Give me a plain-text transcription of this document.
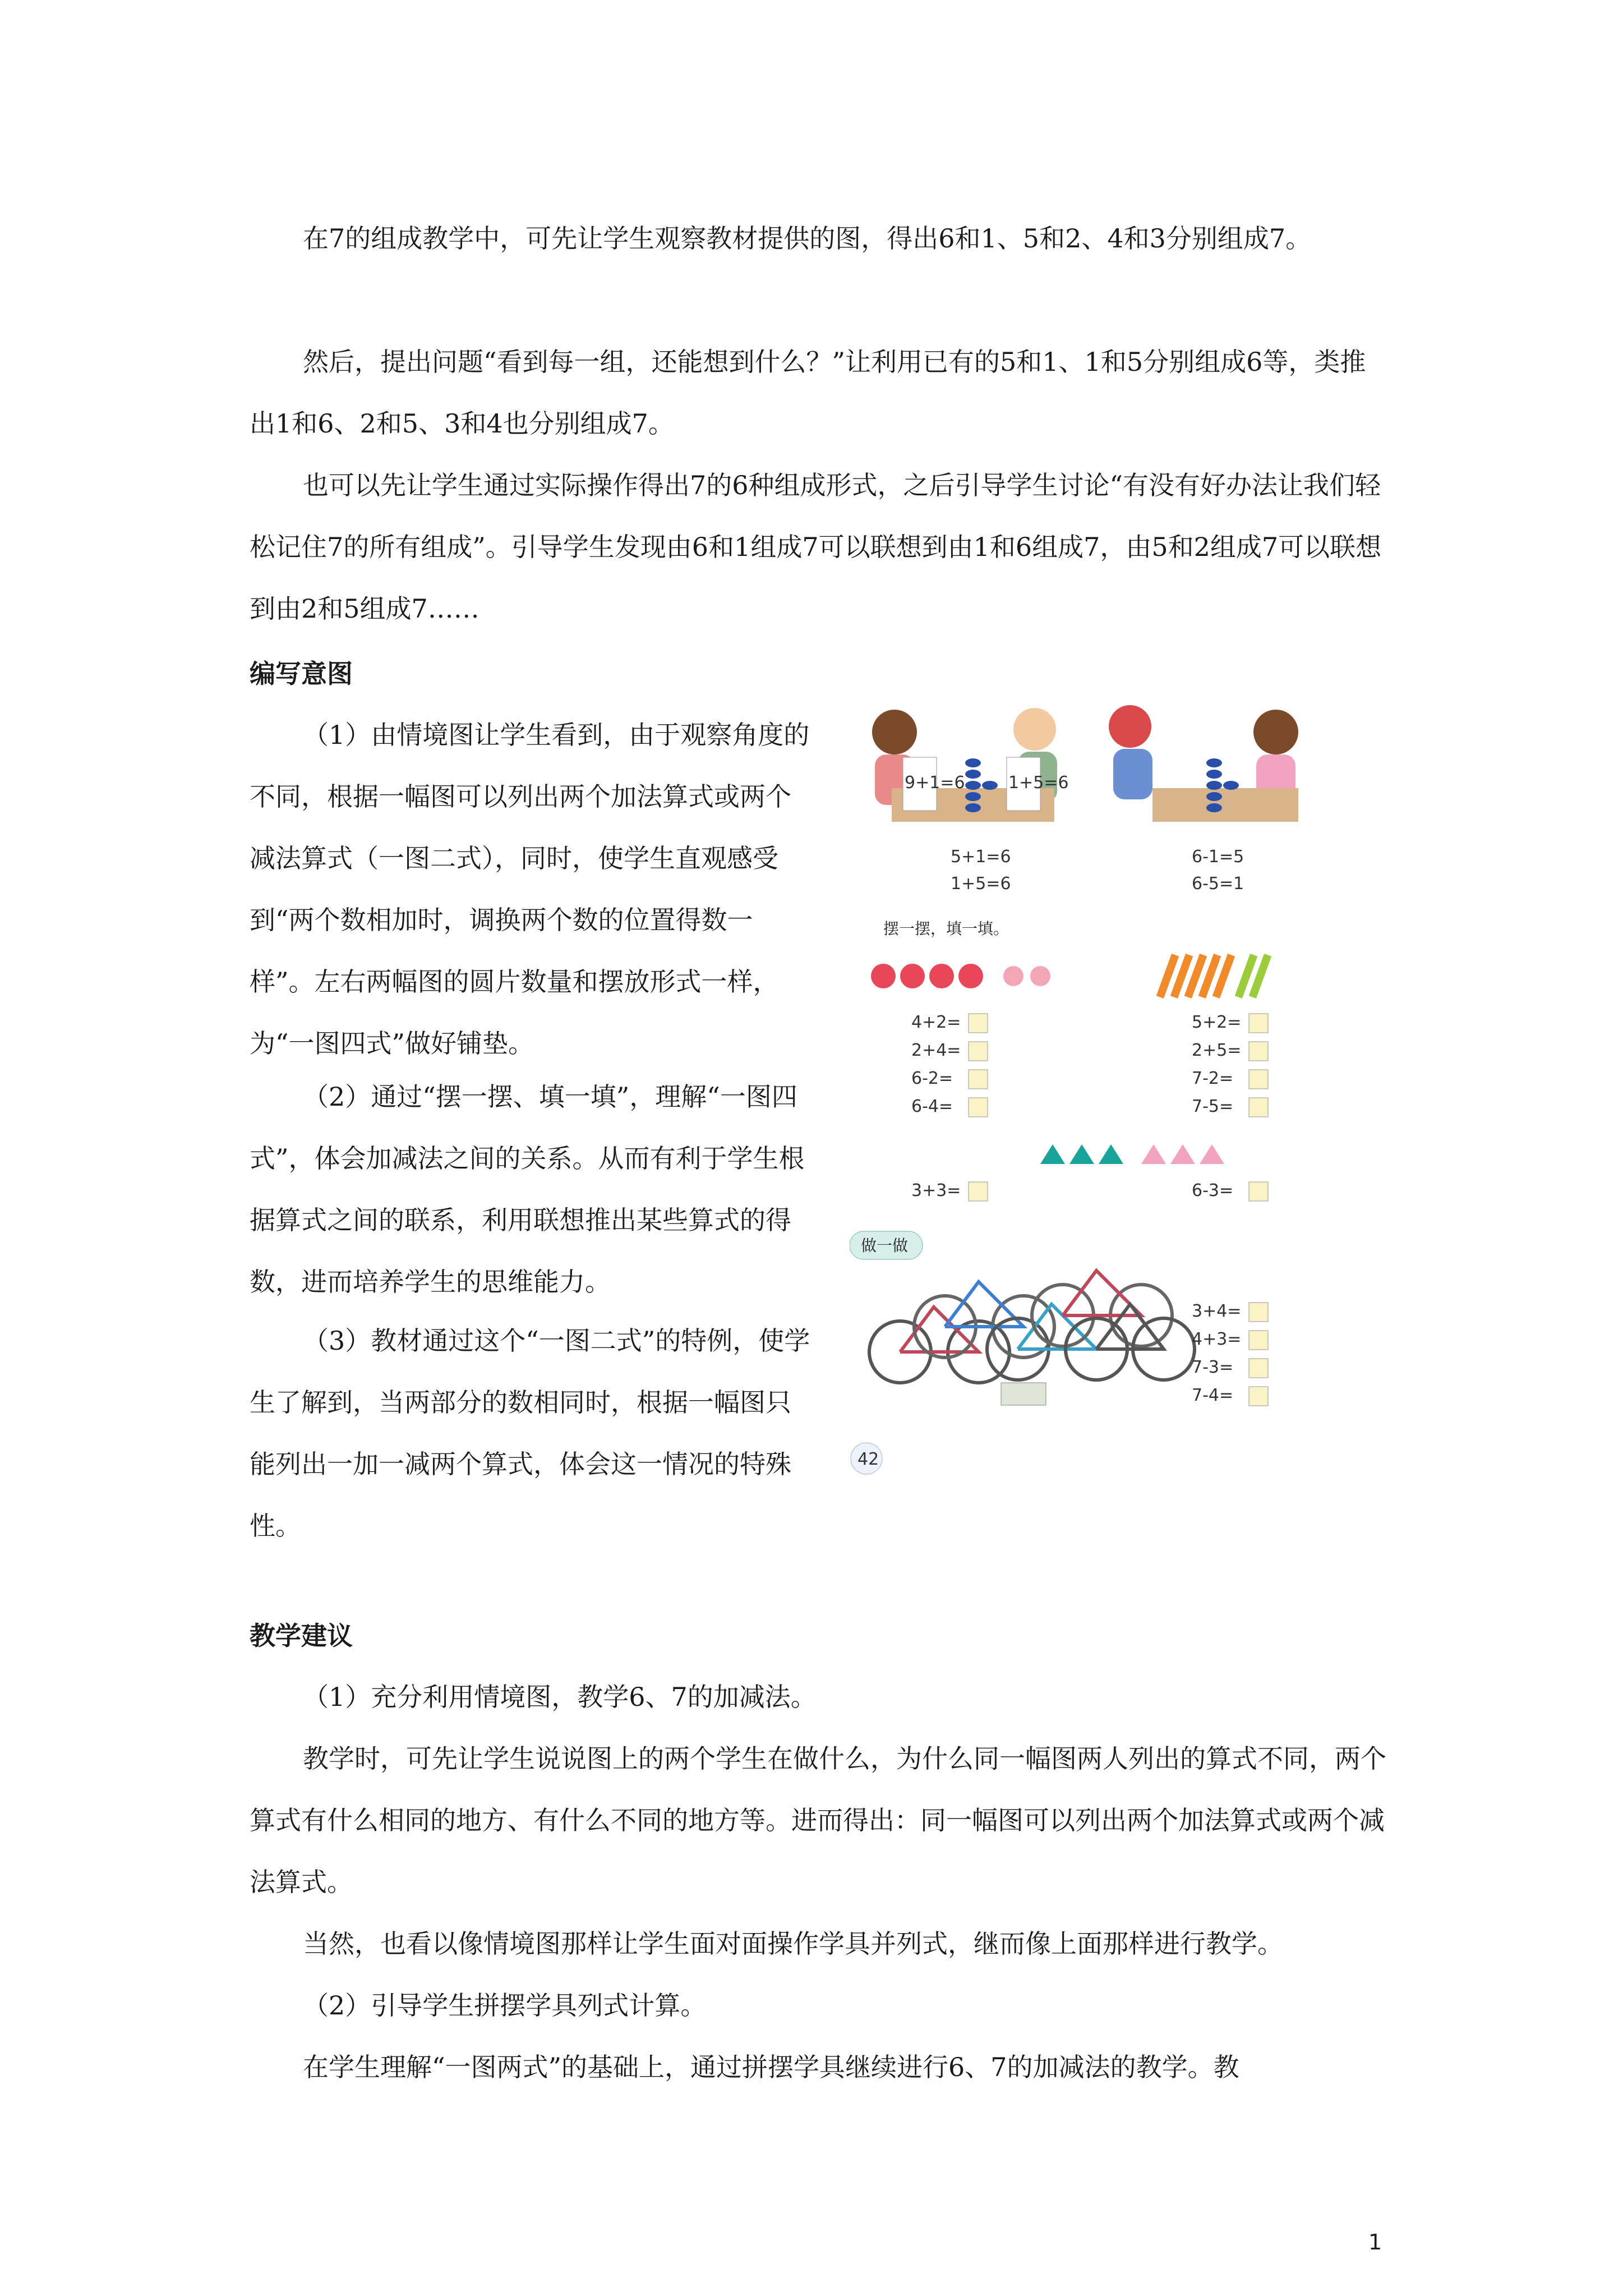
在7的组成教学中，可先让学生观察教材提供的图，得出6和1、5和2、4和3分别组成7。

然后，提出问题“看到每一组，还能想到什么？”让利用已有的5和1、1和5分别组成6等，类推出1和6、2和5、3和4也分别组成7。

也可以先让学生通过实际操作得出7的6种组成形式，之后引导学生讨论“有没有好办法让我们轻松记住7的所有组成”。引导学生发现由6和1组成7可以联想到由1和6组成7，由5和2组成7可以联想到由2和5组成7……

编写意图

（1）由情境图让学生看到，由于观察角度的不同，根据一幅图可以列出两个加法算式或两个减法算式（一图二式），同时，使学生直观感受到“两个数相加时，调换两个数的位置得数一样”。左右两幅图的圆片数量和摆放形式一样，为“一图四式”做好铺垫。

（2）通过“摆一摆、填一填”，理解“一图四式”，体会加减法之间的关系。从而有利于学生根据算式之间的联系，利用联想推出某些算式的得数，进而培养学生的思维能力。

（3）教材通过这个“一图二式”的特例，使学生了解到，当两部分的数相同时，根据一幅图只能列出一加一减两个算式，体会这一情况的特殊性。

教学建议

（1）充分利用情境图，教学6、7的加减法。

教学时，可先让学生说说图上的两个学生在做什么，为什么同一幅图两人列出的算式不同，两个算式有什么相同的地方、有什么不同的地方等。进而得出：同一幅图可以列出两个加法算式或两个减法算式。

当然，也看以像情境图那样让学生面对面操作学具并列式，继而像上面那样进行教学。

（2）引导学生拼摆学具列式计算。

在学生理解“一图两式”的基础上，通过拼摆学具继续进行6、7的加减法的教学。教

9+1=6	1+5=6
5+1=6
1+5=6
6-1=5
6-5=1
摆一摆，填一填。
4+2=
2+4=
6-2=
6-4=
5+2=
2+5=
7-2=
7-5=
3+3=	6-3=
做一做
3+4=
4+3=
7-3=
7-4=
42
1
